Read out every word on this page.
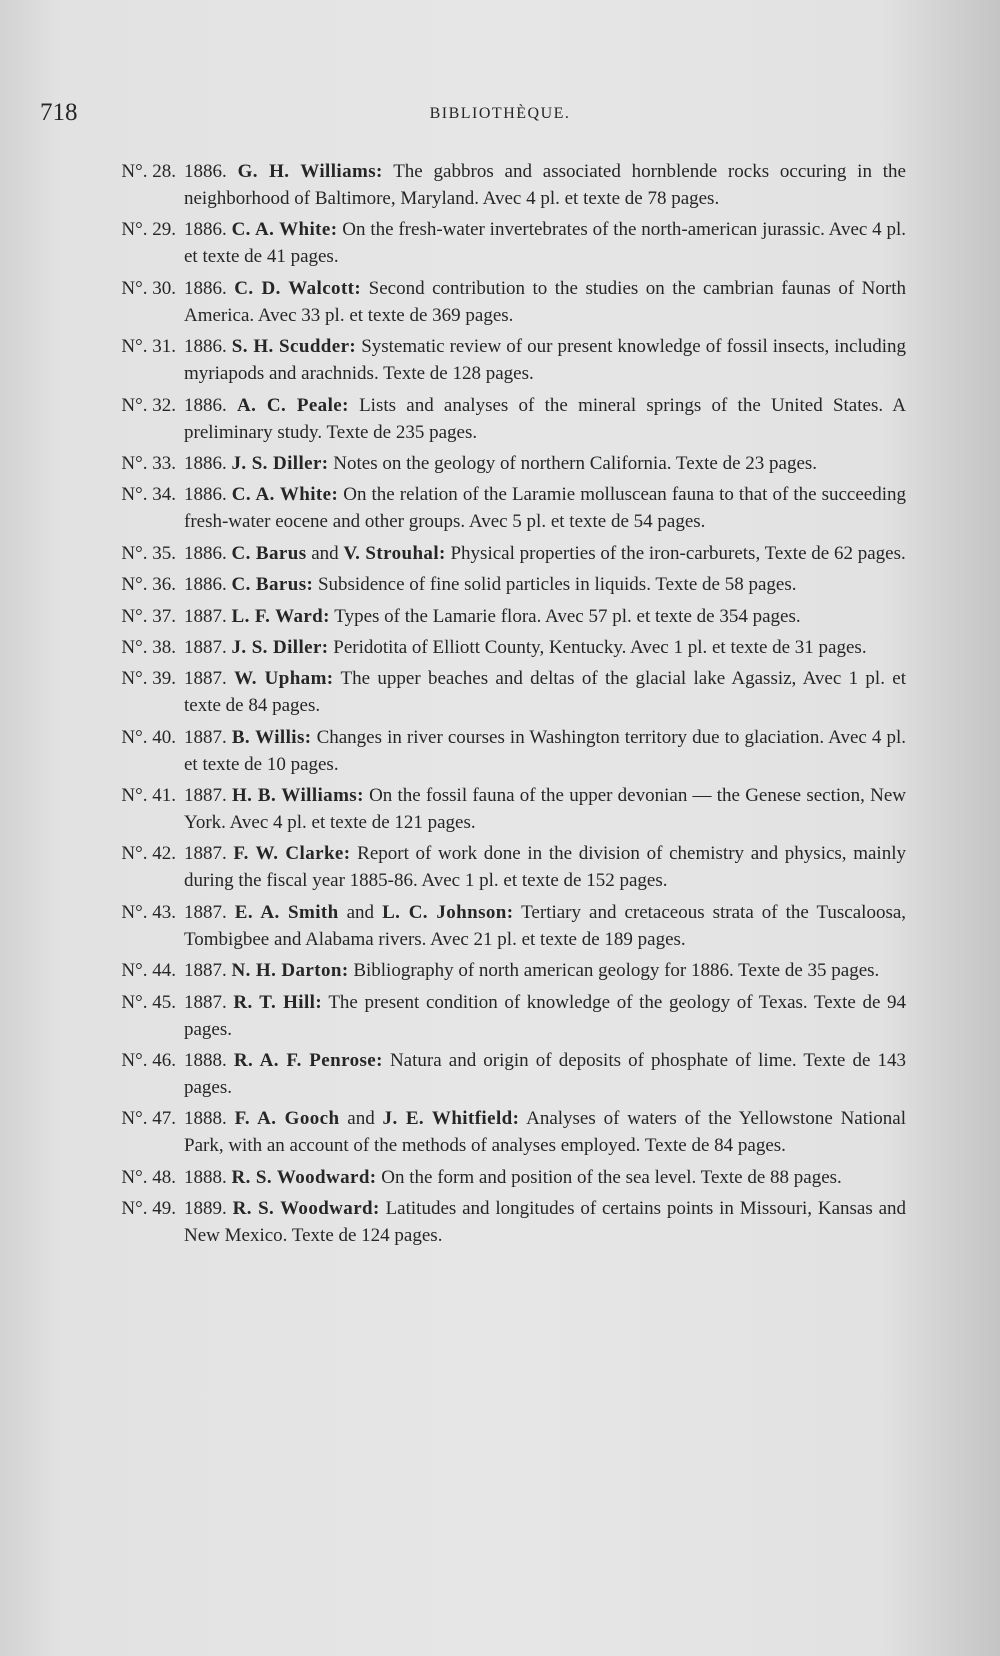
718	BIBLIOTHÈQUE.
N°. 28. 1886. G. H. Williams: The gabbros and associated hornblende rocks occuring in the neighborhood of Baltimore, Maryland. Avec 4 pl. et texte de 78 pages.
N°. 29. 1886. C. A. White: On the fresh-water invertebrates of the north-american jurassic. Avec 4 pl. et texte de 41 pages.
N°. 30. 1886. C. D. Walcott: Second contribution to the studies on the cambrian faunas of North America. Avec 33 pl. et texte de 369 pages.
N°. 31. 1886. S. H. Scudder: Systematic review of our present knowledge of fossil insects, including myriapods and arachnids. Texte de 128 pages.
N°. 32. 1886. A. C. Peale: Lists and analyses of the mineral springs of the United States. A preliminary study. Texte de 235 pages.
N°. 33. 1886. J. S. Diller: Notes on the geology of northern California. Texte de 23 pages.
N°. 34. 1886. C. A. White: On the relation of the Laramie molluscean fauna to that of the succeeding fresh-water eocene and other groups. Avec 5 pl. et texte de 54 pages.
N°. 35. 1886. C. Barus and V. Strouhal: Physical properties of the iron-carburets, Texte de 62 pages.
N°. 36. 1886. C. Barus: Subsidence of fine solid particles in liquids. Texte de 58 pages.
N°. 37. 1887. L. F. Ward: Types of the Lamarie flora. Avec 57 pl. et texte de 354 pages.
N°. 38. 1887. J. S. Diller: Peridotita of Elliott County, Kentucky. Avec 1 pl. et texte de 31 pages.
N°. 39. 1887. W. Upham: The upper beaches and deltas of the glacial lake Agassiz, Avec 1 pl. et texte de 84 pages.
N°. 40. 1887. B. Willis: Changes in river courses in Washington territory due to glaciation. Avec 4 pl. et texte de 10 pages.
N°. 41. 1887. H. B. Williams: On the fossil fauna of the upper devonian — the Genese section, New York. Avec 4 pl. et texte de 121 pages.
N°. 42. 1887. F. W. Clarke: Report of work done in the division of chemistry and physics, mainly during the fiscal year 1885-86. Avec 1 pl. et texte de 152 pages.
N°. 43. 1887. E. A. Smith and L. C. Johnson: Tertiary and cretaceous strata of the Tuscaloosa, Tombigbee and Alabama rivers. Avec 21 pl. et texte de 189 pages.
N°. 44. 1887. N. H. Darton: Bibliography of north american geology for 1886. Texte de 35 pages.
N°. 45. 1887. R. T. Hill: The present condition of knowledge of the geology of Texas. Texte de 94 pages.
N°. 46. 1888. R. A. F. Penrose: Natura and origin of deposits of phosphate of lime. Texte de 143 pages.
N°. 47. 1888. F. A. Gooch and J. E. Whitfield: Analyses of waters of the Yellowstone National Park, with an account of the methods of analyses employed. Texte de 84 pages.
N°. 48. 1888. R. S. Woodward: On the form and position of the sea level. Texte de 88 pages.
N°. 49. 1889. R. S. Woodward: Latitudes and longitudes of certains points in Missouri, Kansas and New Mexico. Texte de 124 pages.
